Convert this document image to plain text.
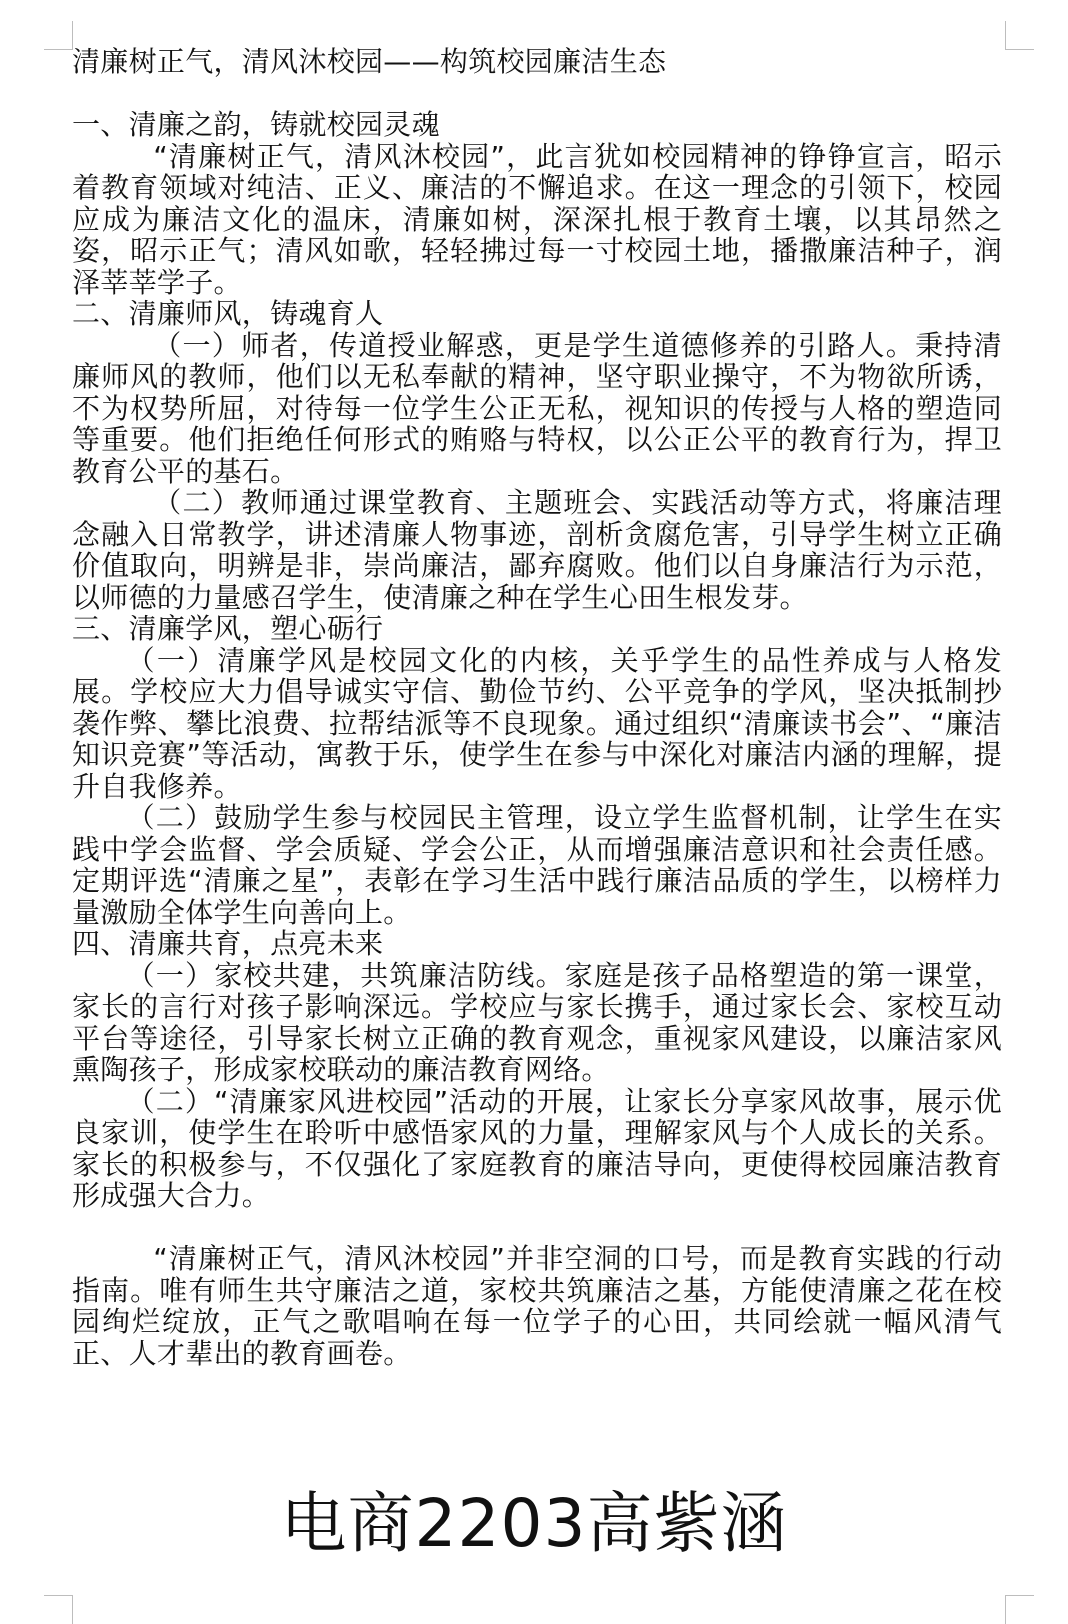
清廉树正气，清风沐校园——构筑校园廉洁生态

一、清廉之韵，铸就校园灵魂

“清廉树正气，清风沐校园”，此言犹如校园精神的铮铮宣言，昭示着教育领域对纯洁、正义、廉洁的不懈追求。在这一理念的引领下，校园应成为廉洁文化的温床，清廉如树，深深扎根于教育土壤，以其昂然之姿，昭示正气；清风如歌，轻轻拂过每一寸校园土地，播撒廉洁种子，润泽莘莘学子。

二、清廉师风，铸魂育人

（一）师者，传道授业解惑，更是学生道德修养的引路人。秉持清廉师风的教师，他们以无私奉献的精神，坚守职业操守，不为物欲所诱，不为权势所屈，对待每一位学生公正无私，视知识的传授与人格的塑造同等重要。他们拒绝任何形式的贿赂与特权，以公正公平的教育行为，捍卫教育公平的基石。

（二）教师通过课堂教育、主题班会、实践活动等方式，将廉洁理念融入日常教学，讲述清廉人物事迹，剖析贪腐危害，引导学生树立正确价值取向，明辨是非，崇尚廉洁，鄙弃腐败。他们以自身廉洁行为示范，以师德的力量感召学生，使清廉之种在学生心田生根发芽。

三、清廉学风，塑心砺行

（一）清廉学风是校园文化的内核，关乎学生的品性养成与人格发展。学校应大力倡导诚实守信、勤俭节约、公平竞争的学风，坚决抵制抄袭作弊、攀比浪费、拉帮结派等不良现象。通过组织“清廉读书会”、“廉洁知识竞赛”等活动，寓教于乐，使学生在参与中深化对廉洁内涵的理解，提升自我修养。

（二）鼓励学生参与校园民主管理，设立学生监督机制，让学生在实践中学会监督、学会质疑、学会公正，从而增强廉洁意识和社会责任感。定期评选“清廉之星”，表彰在学习生活中践行廉洁品质的学生，以榜样力量激励全体学生向善向上。

四、清廉共育，点亮未来

（一）家校共建，共筑廉洁防线。家庭是孩子品格塑造的第一课堂，家长的言行对孩子影响深远。学校应与家长携手，通过家长会、家校互动平台等途径，引导家长树立正确的教育观念，重视家风建设，以廉洁家风熏陶孩子，形成家校联动的廉洁教育网络。

（二）“清廉家风进校园”活动的开展，让家长分享家风故事，展示优良家训，使学生在聆听中感悟家风的力量，理解家风与个人成长的关系。家长的积极参与，不仅强化了家庭教育的廉洁导向，更使得校园廉洁教育形成强大合力。

“清廉树正气，清风沐校园”并非空洞的口号，而是教育实践的行动指南。唯有师生共守廉洁之道，家校共筑廉洁之基，方能使清廉之花在校园绚烂绽放，正气之歌唱响在每一位学子的心田，共同绘就一幅风清气正、人才辈出的教育画卷。

电商2203高紫涵
